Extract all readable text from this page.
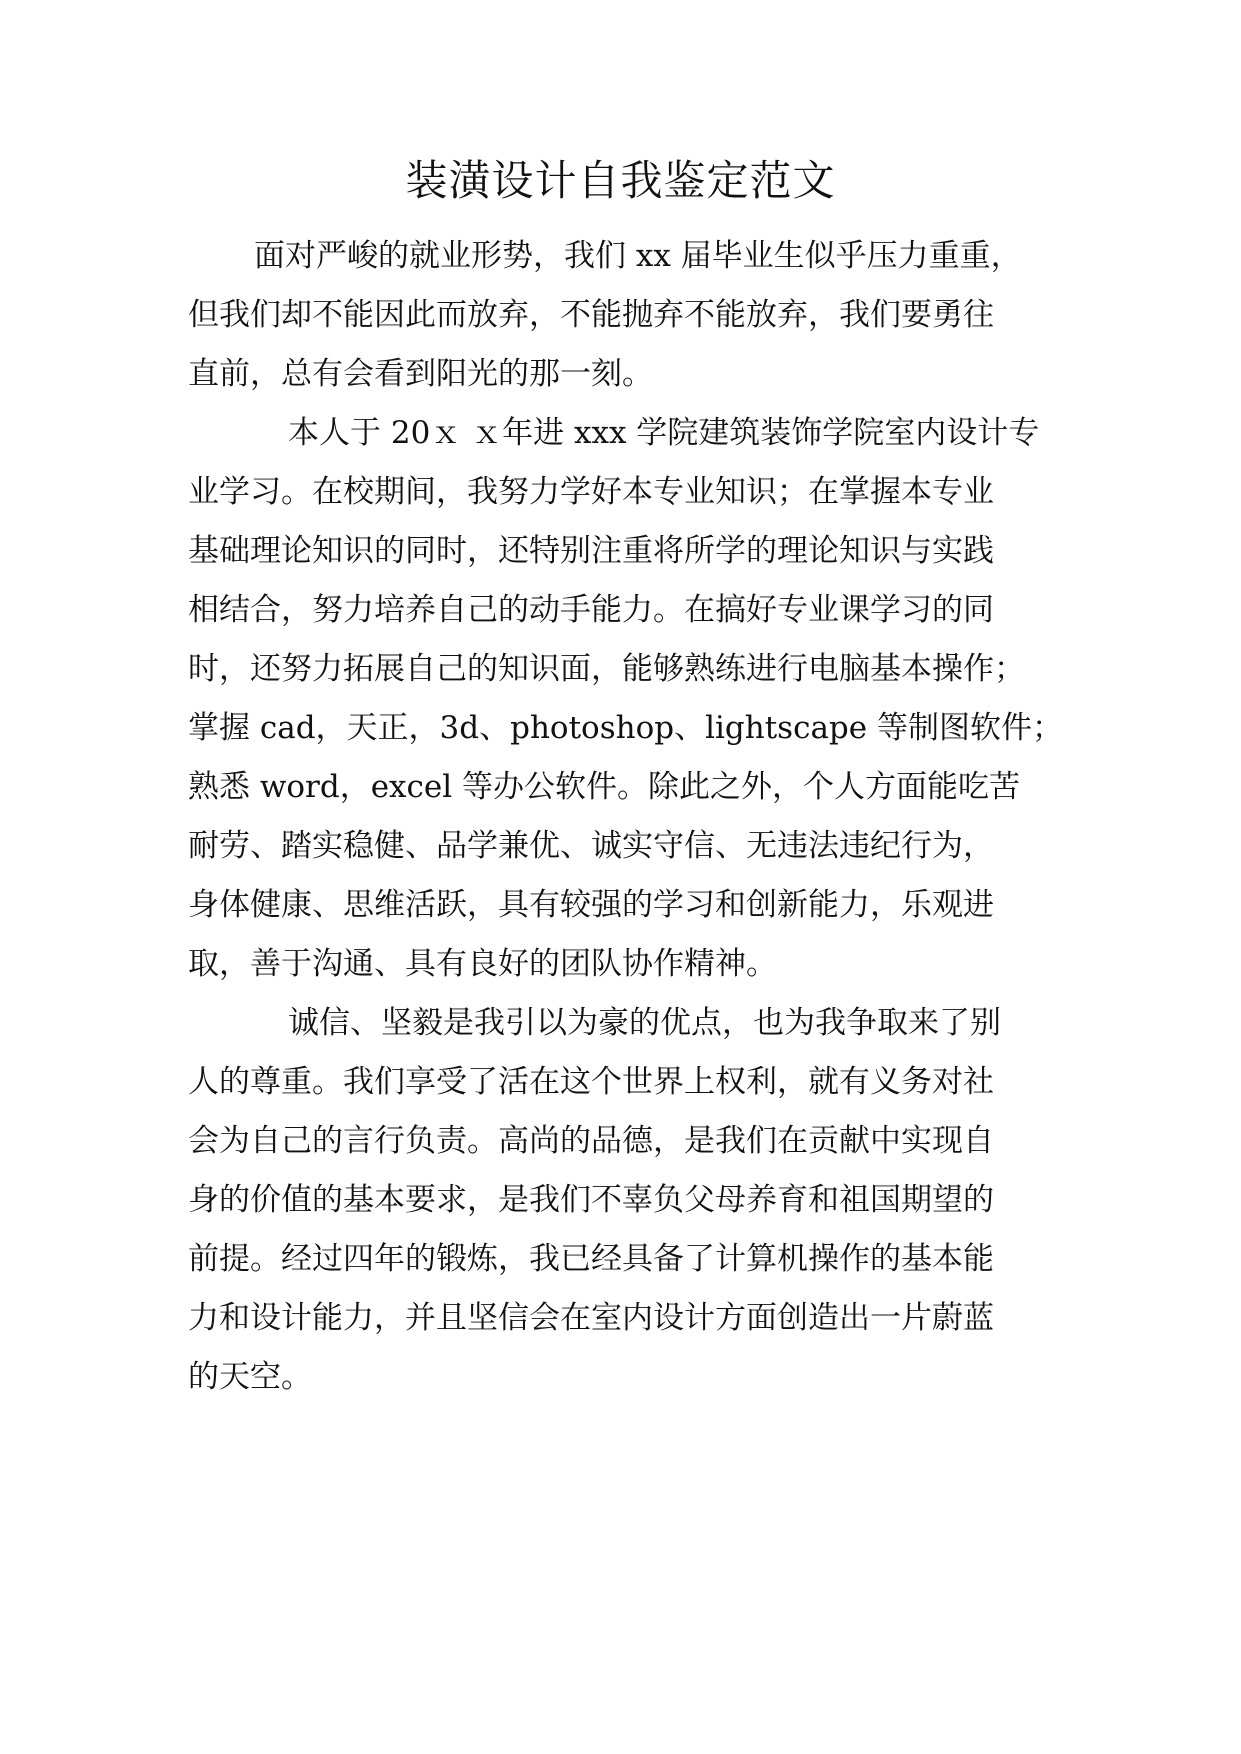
装潢设计自我鉴定范文

面对严峻的就业形势，我们 xx 届毕业生似乎压力重重，
但我们却不能因此而放弃，不能抛弃不能放弃，我们要勇往
直前，总有会看到阳光的那一刻。

本人于 20ｘ ｘ年进 xxx 学院建筑装饰学院室内设计专
业学习。在校期间，我努力学好本专业知识；在掌握本专业
基础理论知识的同时，还特别注重将所学的理论知识与实践
相结合，努力培养自己的动手能力。在搞好专业课学习的同
时，还努力拓展自己的知识面，能够熟练进行电脑基本操作；
掌握 cad，天正，3d、photoshop、lightscape 等制图软件；
熟悉 word，excel 等办公软件。除此之外，个人方面能吃苦
耐劳、踏实稳健、品学兼优、诚实守信、无违法违纪行为，
身体健康、思维活跃，具有较强的学习和创新能力，乐观进
取，善于沟通、具有良好的团队协作精神。

诚信、坚毅是我引以为豪的优点，也为我争取来了别
人的尊重。我们享受了活在这个世界上权利，就有义务对社
会为自己的言行负责。高尚的品德，是我们在贡献中实现自
身的价值的基本要求，是我们不辜负父母养育和祖国期望的
前提。经过四年的锻炼，我已经具备了计算机操作的基本能
力和设计能力，并且坚信会在室内设计方面创造出一片蔚蓝
的天空。
